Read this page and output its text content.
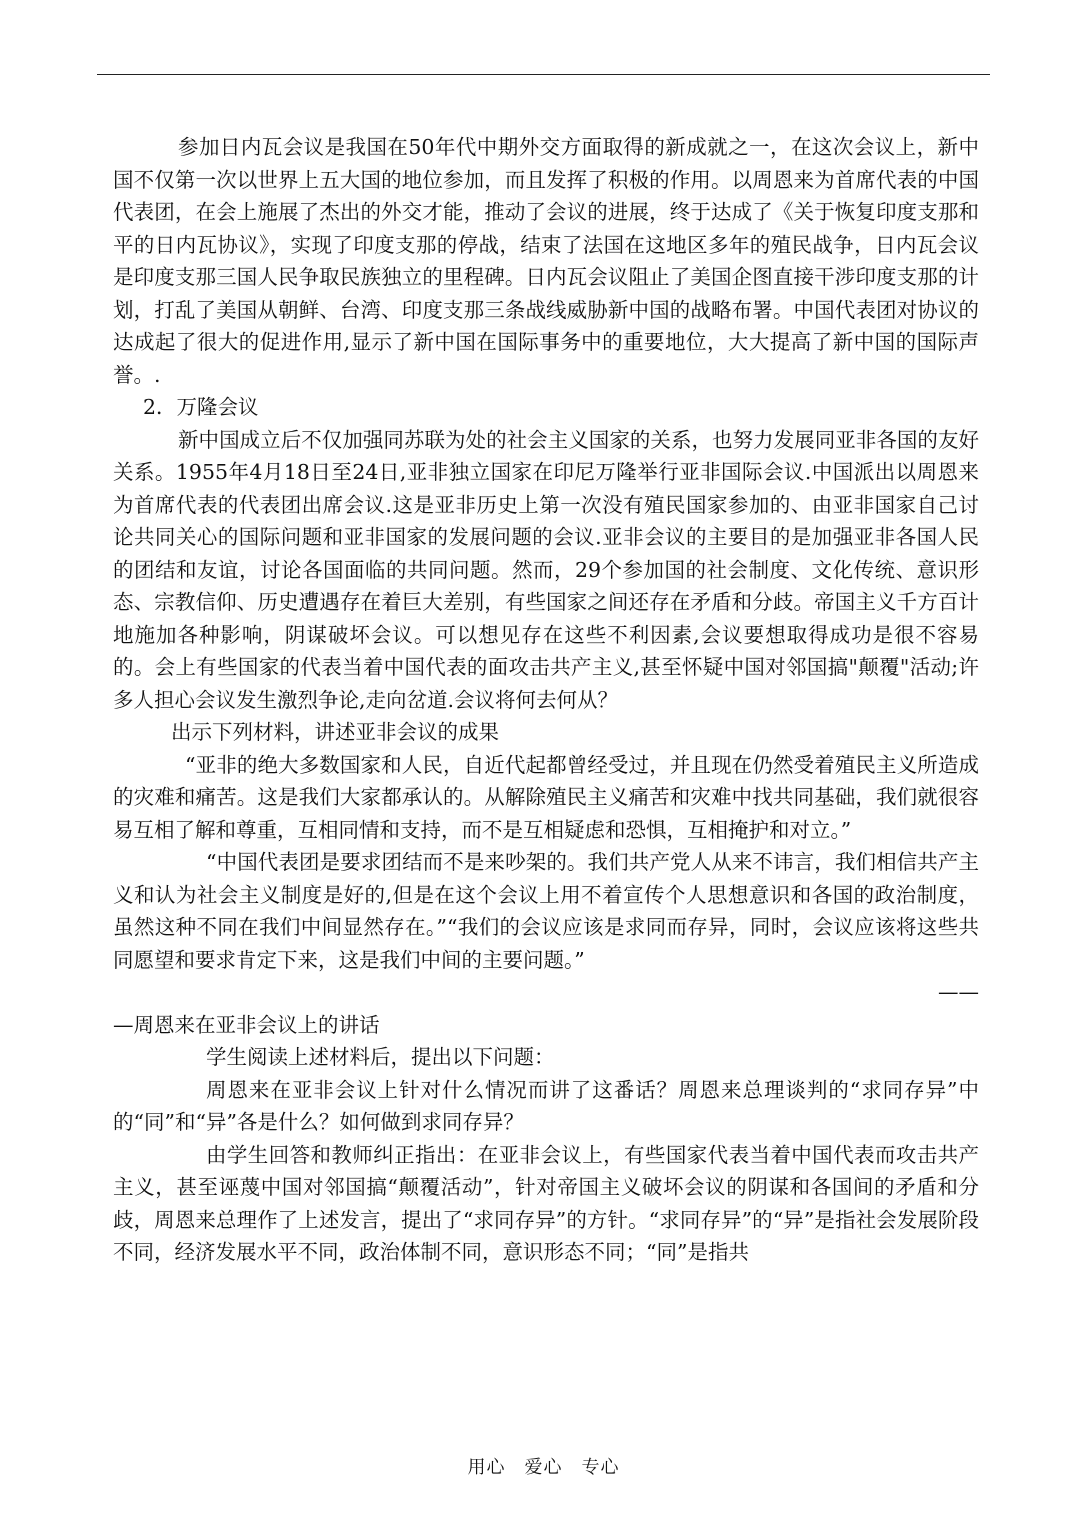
参加日内瓦会议是我国在50年代中期外交方面取得的新成就之一，在这次会议上，新中国不仅第一次以世界上五大国的地位参加，而且发挥了积极的作用。以周恩来为首席代表的中国代表团，在会上施展了杰出的外交才能，推动了会议的进展，终于达成了《关于恢复印度支那和平的日内瓦协议》，实现了印度支那的停战，结束了法国在这地区多年的殖民战争，日内瓦会议是印度支那三国人民争取民族独立的里程碑。日内瓦会议阻止了美国企图直接干涉印度支那的计划，打乱了美国从朝鲜、台湾、印度支那三条战线威胁新中国的战略布署。中国代表团对协议的达成起了很大的促进作用,显示了新中国在国际事务中的重要地位，大大提高了新中国的国际声誉。.

2．万隆会议

新中国成立后不仅加强同苏联为处的社会主义国家的关系，也努力发展同亚非各国的友好关系。1955年4月18日至24日,亚非独立国家在印尼万隆举行亚非国际会议.中国派出以周恩来为首席代表的代表团出席会议.这是亚非历史上第一次没有殖民国家参加的、由亚非国家自己讨论共同关心的国际问题和亚非国家的发展问题的会议.亚非会议的主要目的是加强亚非各国人民的团结和友谊，讨论各国面临的共同问题。然而，29个参加国的社会制度、文化传统、意识形态、宗教信仰、历史遭遇存在着巨大差别，有些国家之间还存在矛盾和分歧。帝国主义千方百计地施加各种影响，阴谋破坏会议。可以想见存在这些不利因素,会议要想取得成功是很不容易的。会上有些国家的代表当着中国代表的面攻击共产主义,甚至怀疑中国对邻国搞"颠覆"活动;许多人担心会议发生激烈争论,走向岔道.会议将何去何从？

出示下列材料，讲述亚非会议的成果

“亚非的绝大多数国家和人民，自近代起都曾经受过，并且现在仍然受着殖民主义所造成的灾难和痛苦。这是我们大家都承认的。从解除殖民主义痛苦和灾难中找共同基础，我们就很容易互相了解和尊重，互相同情和支持，而不是互相疑虑和恐惧，互相掩护和对立。”

“中国代表团是要求团结而不是来吵架的。我们共产党人从来不讳言，我们相信共产主义和认为社会主义制度是好的,但是在这个会议上用不着宣传个人思想意识和各国的政治制度，虽然这种不同在我们中间显然存在。”“我们的会议应该是求同而存异，同时，会议应该将这些共同愿望和要求肯定下来，这是我们中间的主要问题。”

——

—周恩来在亚非会议上的讲话

学生阅读上述材料后，提出以下问题：

周恩来在亚非会议上针对什么情况而讲了这番话？周恩来总理谈判的“求同存异”中的“同”和“异”各是什么？如何做到求同存异？

由学生回答和教师纠正指出：在亚非会议上，有些国家代表当着中国代表而攻击共产主义，甚至诬蔑中国对邻国搞“颠覆活动”，针对帝国主义破坏会议的阴谋和各国间的矛盾和分歧，周恩来总理作了上述发言，提出了“求同存异”的方针。“求同存异”的“异”是指社会发展阶段不同，经济发展水平不同，政治体制不同，意识形态不同；“同”是指共

用心　爱心　专心
